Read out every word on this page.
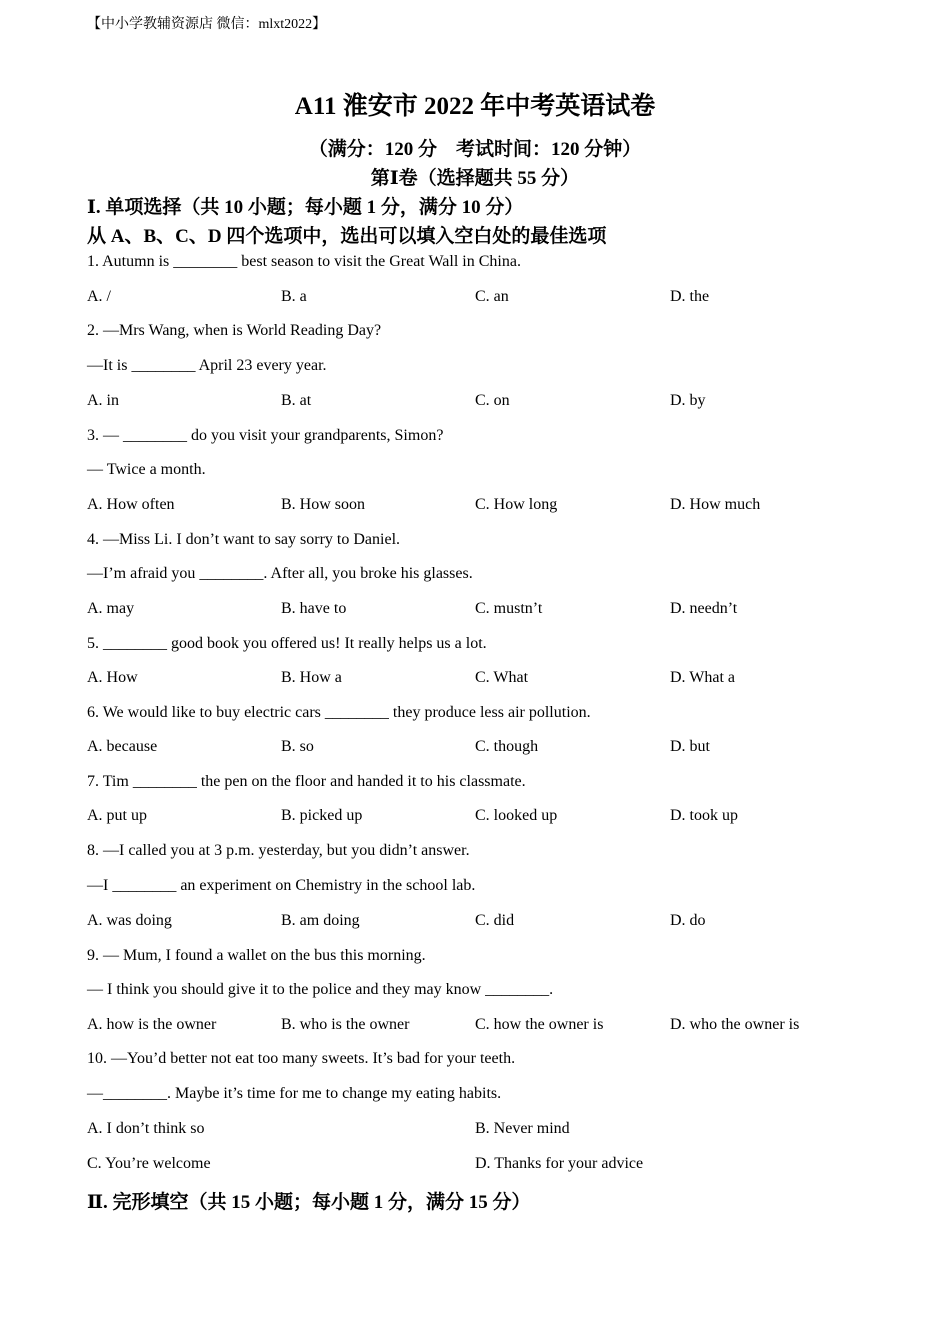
【中小学教辅资源店 微信：mlxt2022】
A11 淮安市 2022 年中考英语试卷
（满分：120 分　考试时间：120 分钟）
第Ⅰ卷（选择题共 55 分）
Ⅰ. 单项选择（共 10 小题；每小题 1 分，满分 10 分）
从 A、B、C、D 四个选项中，选出可以填入空白处的最佳选项
1. Autumn is ________ best season to visit the Great Wall in China.
A. /	B. a	C. an	D. the
2. —Mrs Wang, when is World Reading Day?
—It is ________ April 23 every year.
A. in	B. at	C. on	D. by
3. — ________ do you visit your grandparents, Simon?
— Twice a month.
A. How often	B. How soon	C. How long	D. How much
4. —Miss Li. I don’t want to say sorry to Daniel.
—I’m afraid you ________. After all, you broke his glasses.
A. may	B. have to	C. mustn’t	D. needn’t
5. ________ good book you offered us! It really helps us a lot.
A. How	B. How a	C. What	D. What a
6. We would like to buy electric cars ________ they produce less air pollution.
A. because	B. so	C. though	D. but
7. Tim ________ the pen on the floor and handed it to his classmate.
A. put up	B. picked up	C. looked up	D. took up
8. —I called you at 3 p.m. yesterday, but you didn’t answer.
—I ________ an experiment on Chemistry in the school lab.
A. was doing	B. am doing	C. did	D. do
9. — Mum, I found a wallet on the bus this morning.
— I think you should give it to the police and they may know ________.
A. how is the owner	B. who is the owner	C. how the owner is	D. who the owner is
10. —You’d better not eat too many sweets. It’s bad for your teeth.
—________. Maybe it’s time for me to change my eating habits.
A. I don’t think so	B. Never mind
C. You’re welcome	D. Thanks for your advice
Ⅱ. 完形填空（共 15 小题；每小题 1 分，满分 15 分）
